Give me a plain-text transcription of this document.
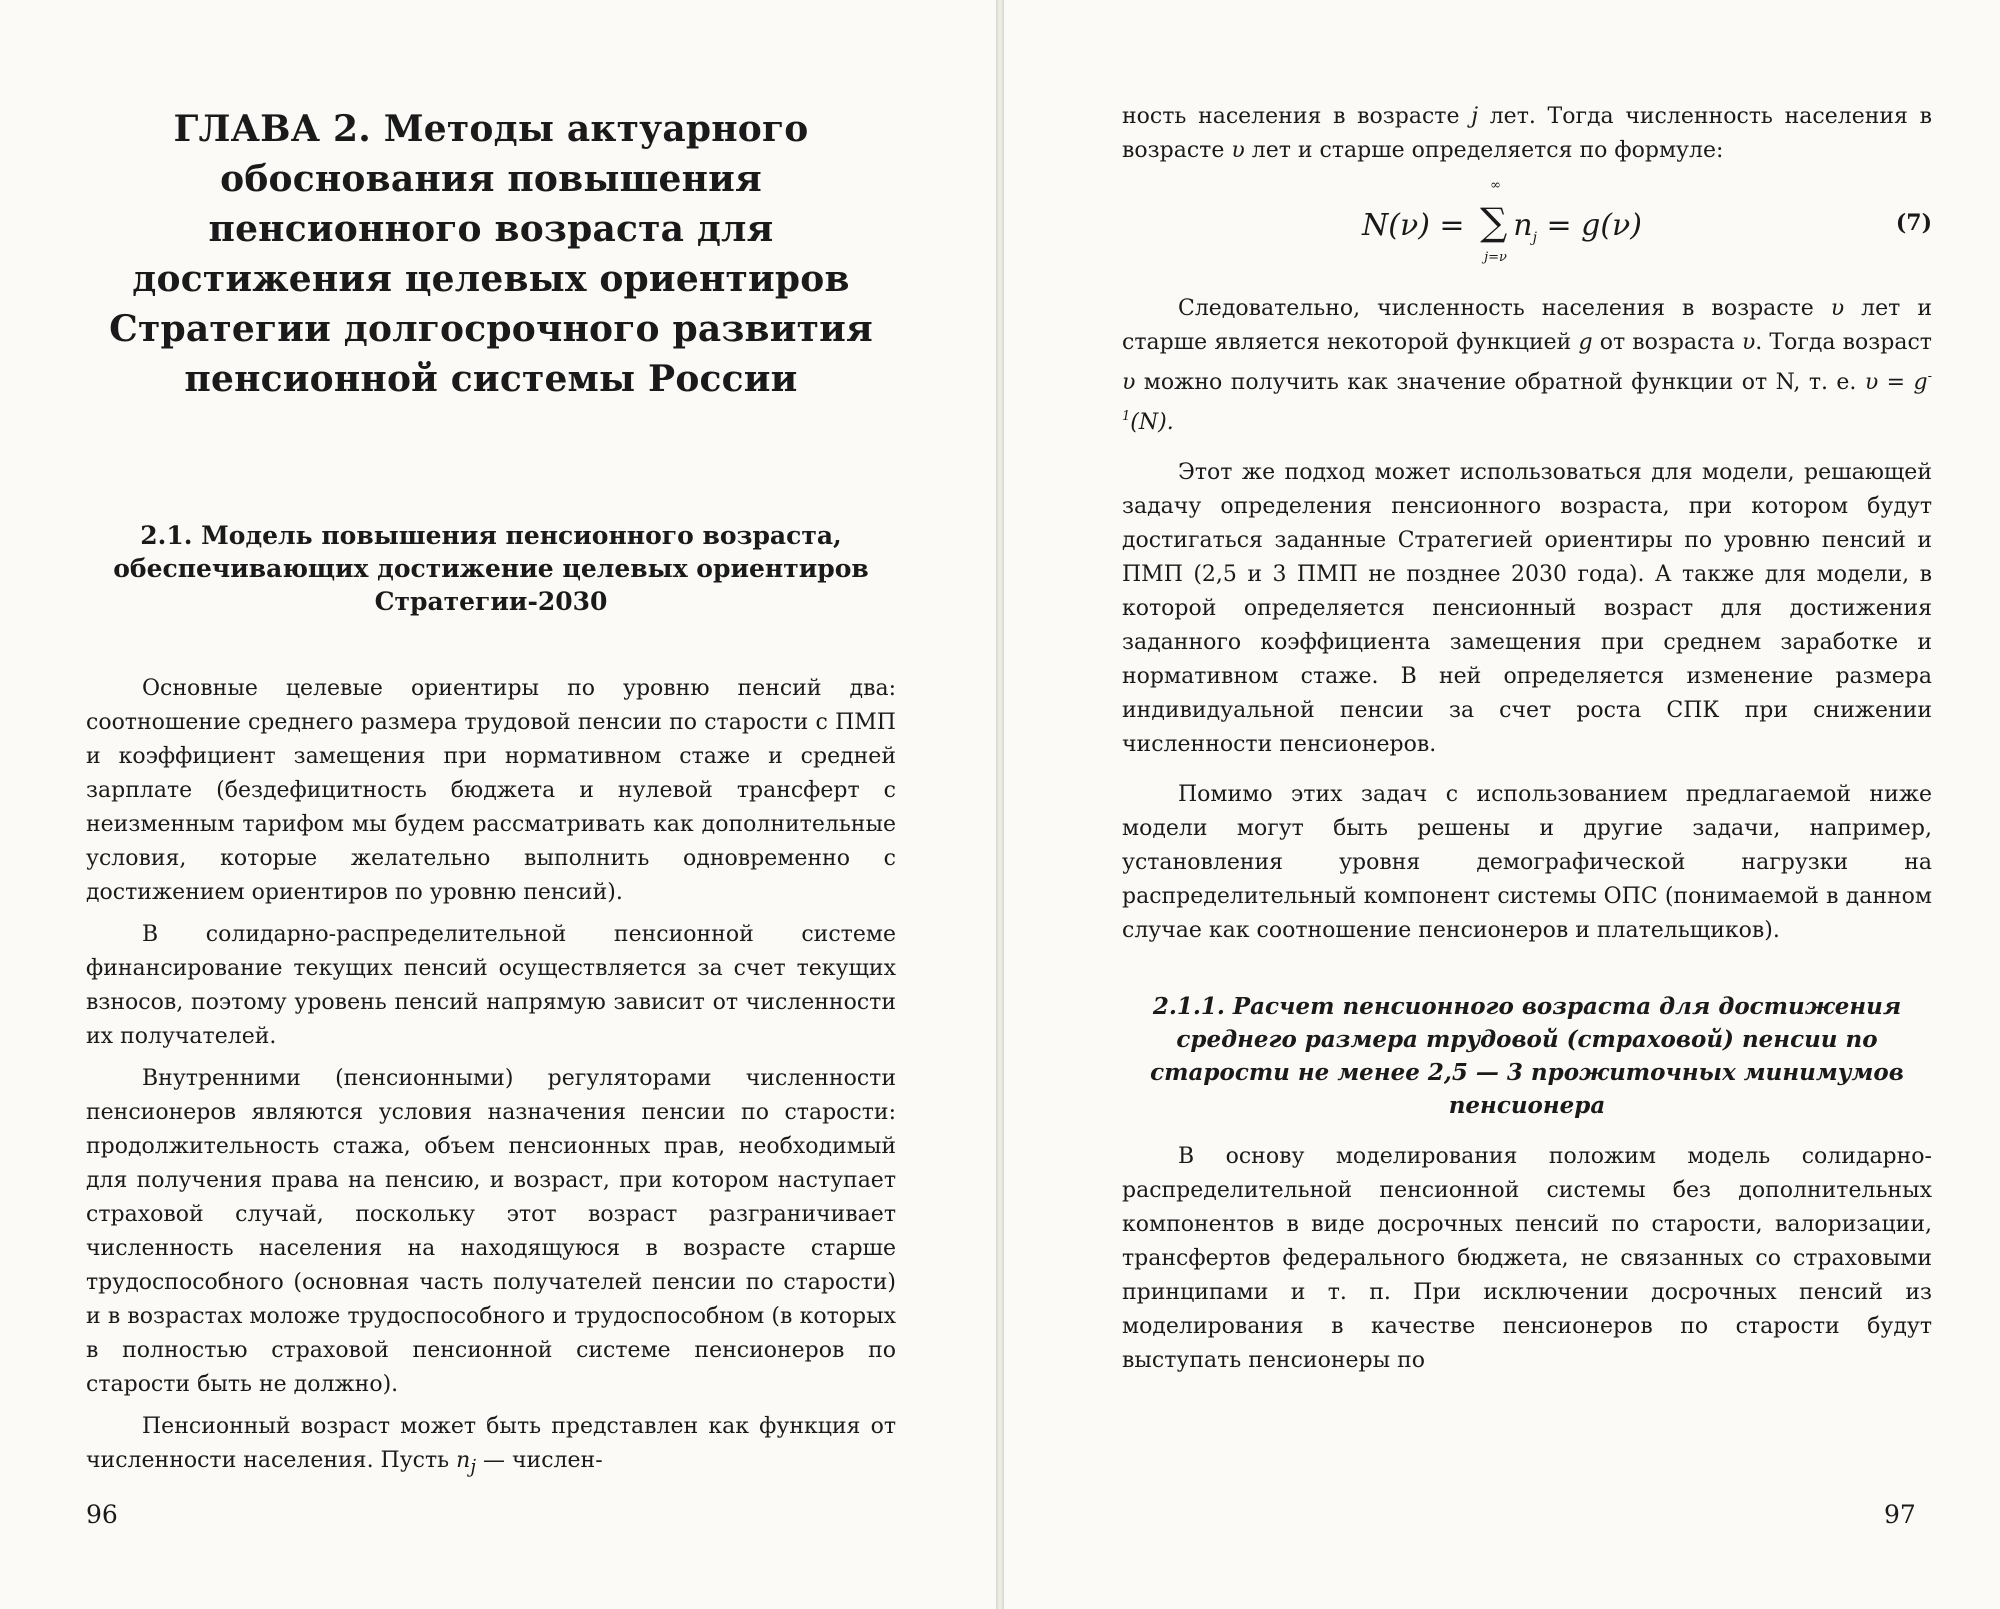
ГЛАВА 2. Методы актуарного обоснования повышения пенсионного возраста для достижения целевых ориентиров Стратегии долгосрочного развития пенсионной системы России
2.1. Модель повышения пенсионного возраста, обеспечивающих достижение целевых ориентиров Стратегии-2030

Основные целевые ориентиры по уровню пенсий два: соотношение среднего размера трудовой пенсии по старости с ПМП и коэффициент замещения при нормативном стаже и средней зарплате (бездефицитность бюджета и нулевой трансферт с неизменным тарифом мы будем рассматривать как дополнительные условия, которые желательно выполнить одновременно с достижением ориентиров по уровню пенсий).

В солидарно-распределительной пенсионной системе финансирование текущих пенсий осуществляется за счет текущих взносов, поэтому уровень пенсий напрямую зависит от численности их получателей.

Внутренними (пенсионными) регуляторами численности пенсионеров являются условия назначения пенсии по старости: продолжительность стажа, объем пенсионных прав, необходимый для получения права на пенсию, и возраст, при котором наступает страховой случай, поскольку этот возраст разграничивает численность населения на находящуюся в возрасте старше трудоспособного (основная часть получателей пенсии по старости) и в возрастах моложе трудоспособного и трудоспособном (в которых в полностью страховой пенсионной системе пенсионеров по старости быть не должно).

Пенсионный возраст может быть представлен как функция от численности населения. Пусть $n_j$ — числен-

ность населения в возрасте j лет. Тогда численность населения в возрасте υ лет и старше определяется по формуле:

N(ν) =
∞
∑
j=ν
$n_j = g(\nu)$	(7)

Следовательно, численность населения в возрасте υ лет и старше является некоторой функцией g от возраста υ. Тогда возраст υ можно получить как значение обратной функции от N, т. е. $\upsilon = g^{-1}(N)$.

Этот же подход может использоваться для модели, решающей задачу определения пенсионного возраста, при котором будут достигаться заданные Стратегией ориентиры по уровню пенсий и ПМП (2,5 и 3 ПМП не позднее 2030 года). А также для модели, в которой определяется пенсионный возраст для достижения заданного коэффициента замещения при среднем заработке и нормативном стаже. В ней определяется изменение размера индивидуальной пенсии за счет роста СПК при снижении численности пенсионеров.

Помимо этих задач с использованием предлагаемой ниже модели могут быть решены и другие задачи, например, установления уровня демографической нагрузки на распределительный компонент системы ОПС (понимаемой в данном случае как соотношение пенсионеров и плательщиков).

2.1.1. Расчет пенсионного возраста для достижения среднего размера трудовой (страховой) пенсии по старости не менее 2,5 — 3 прожиточных минимумов пенсионера

В основу моделирования положим модель солидарно-распределительной пенсионной системы без дополнительных компонентов в виде досрочных пенсий по старости, валоризации, трансфертов федерального бюджета, не связанных со страховыми принципами и т. п. При исключении досрочных пенсий из моделирования в качестве пенсионеров по старости будут выступать пенсионеры по

96	97
